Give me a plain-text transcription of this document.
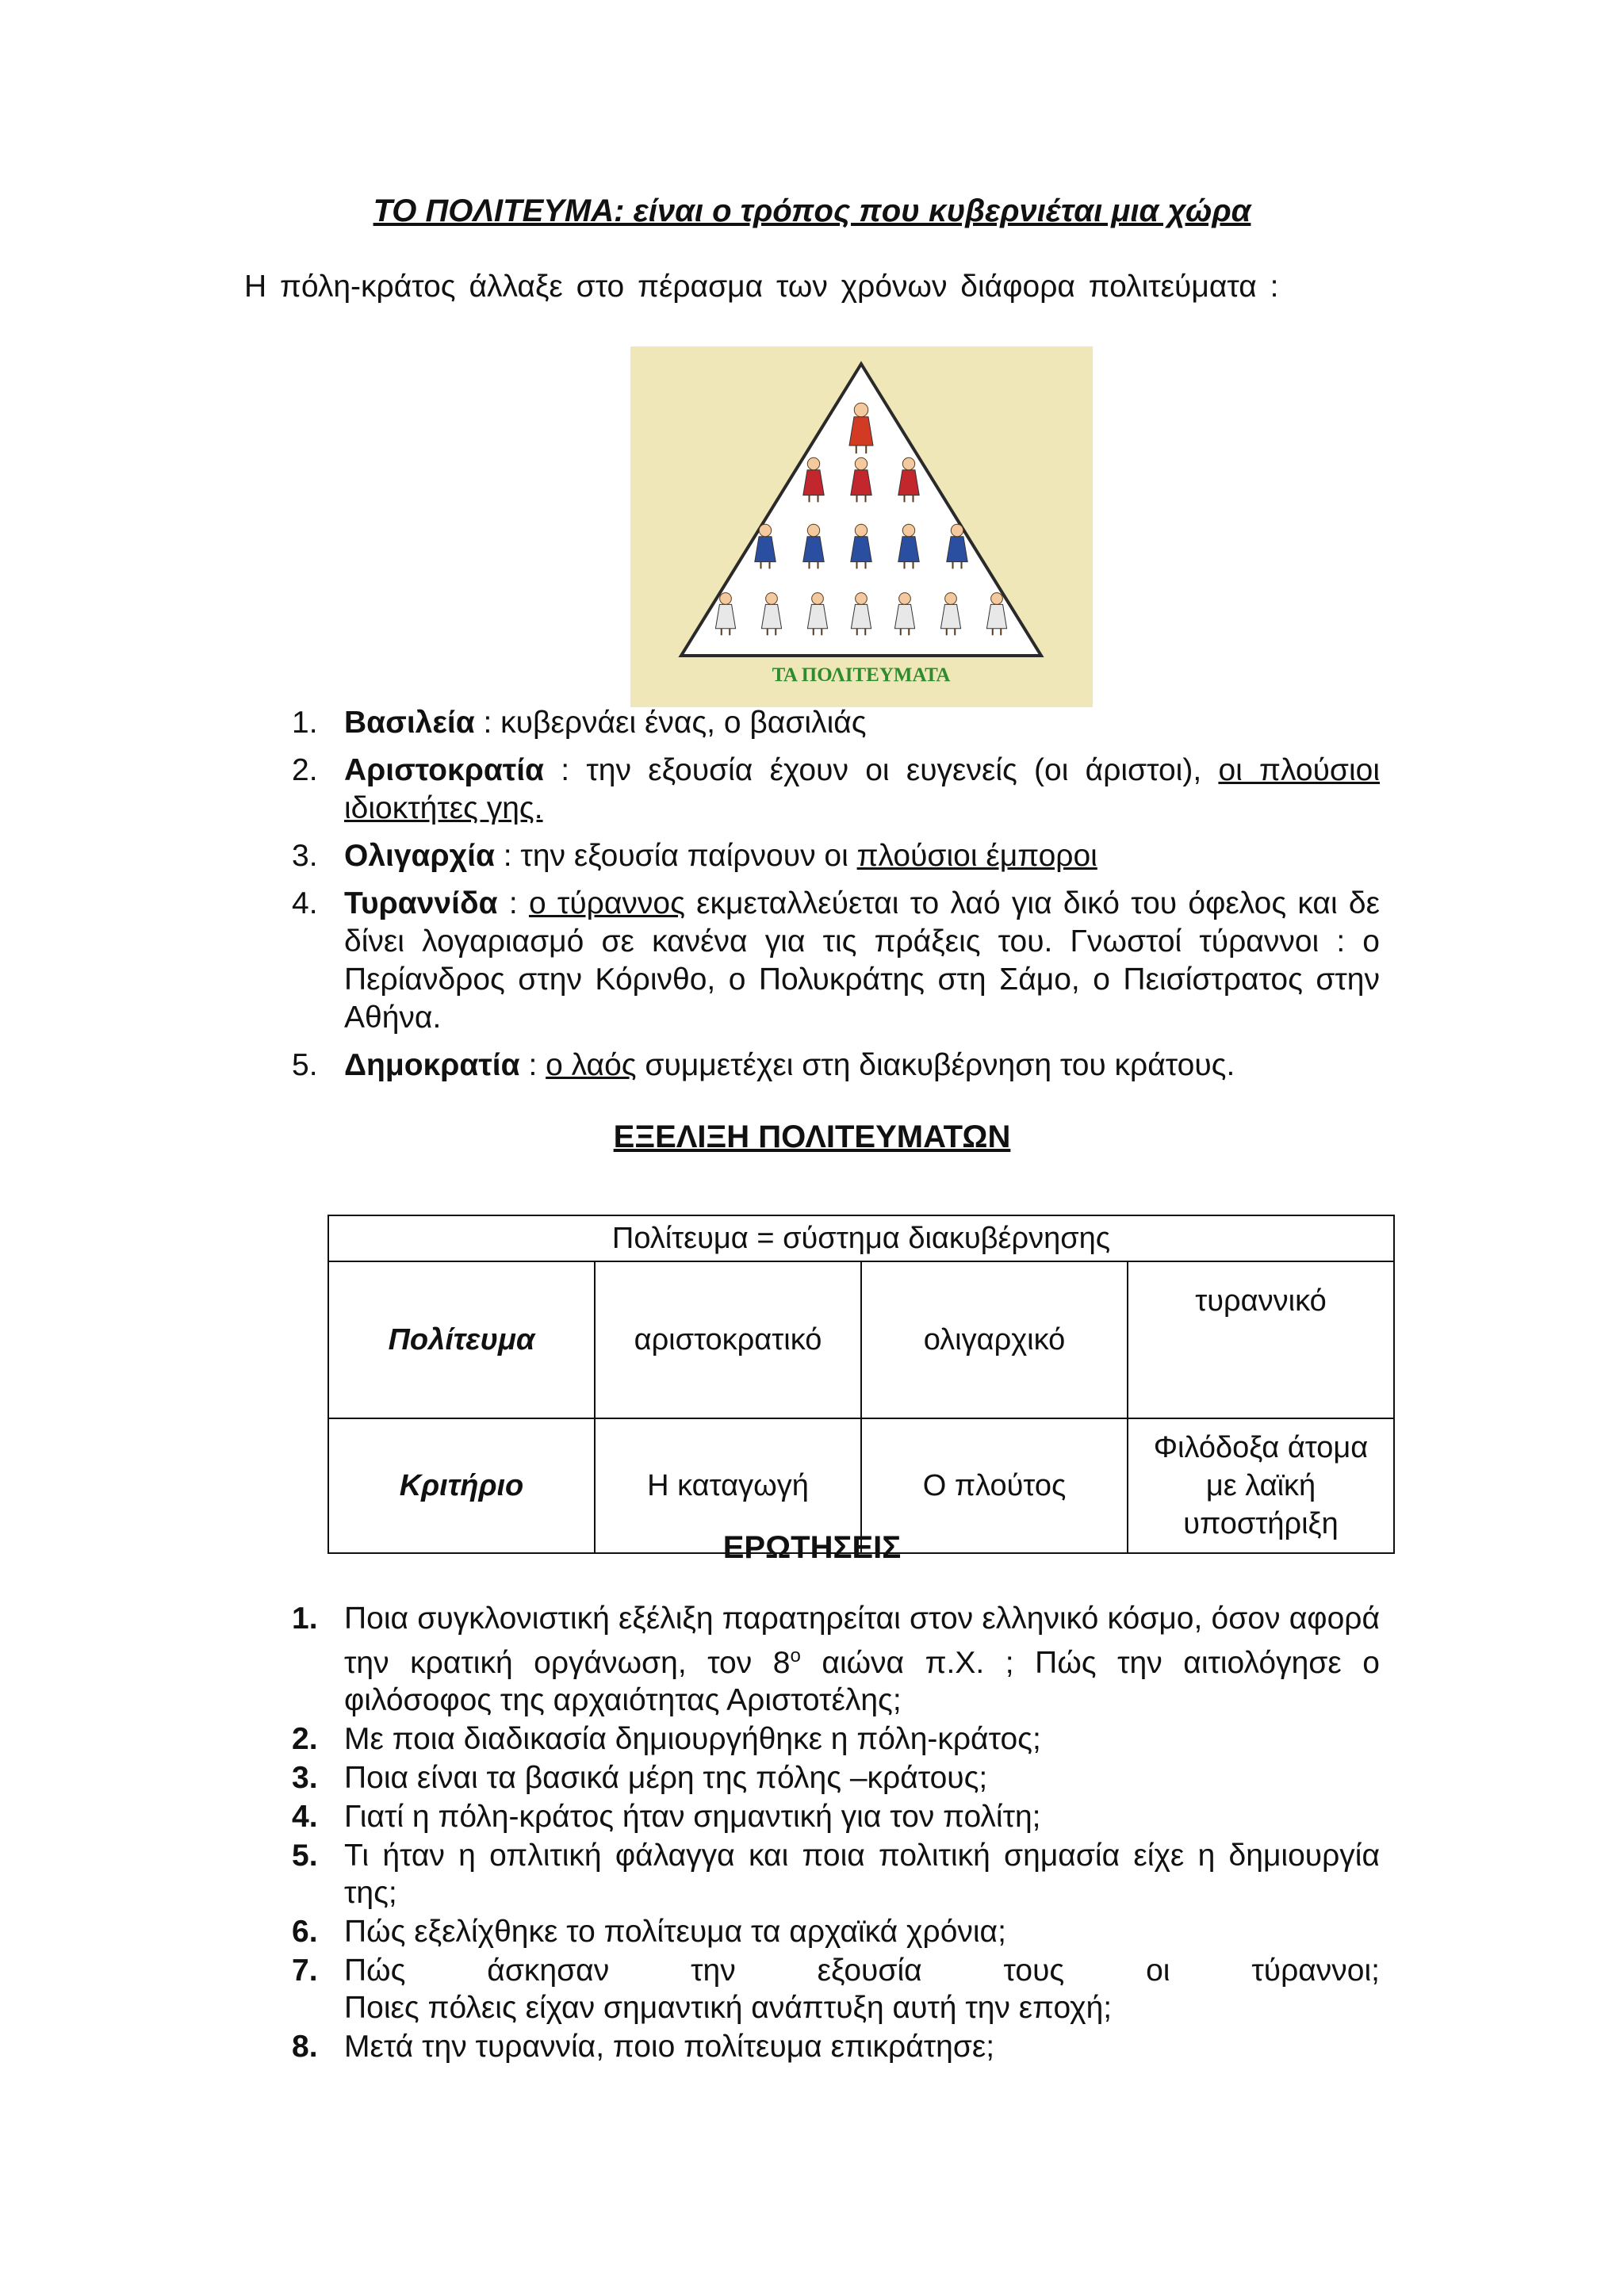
ΤΟ ΠΟΛΙΤΕΥΜΑ: είναι ο τρόπος που κυβερνιέται μια χώρα
Η πόλη-κράτος άλλαξε στο πέρασμα των χρόνων διάφορα πολιτεύματα :
ΤΑ ΠΟΛΙΤΕΥΜΑΤΑ
1. Βασιλεία : κυβερνάει ένας, ο βασιλιάς
2. Αριστοκρατία : την εξουσία έχουν οι ευγενείς (οι άριστοι), οι πλούσιοι ιδιοκτήτες γης.
3. Ολιγαρχία : την εξουσία παίρνουν οι πλούσιοι έμποροι
4. Τυραννίδα : ο τύραννος εκμεταλλεύεται το λαό για δικό του όφελος και δε δίνει λογαριασμό σε κανένα για τις πράξεις του. Γνωστοί τύραννοι : ο Περίανδρος στην Κόρινθο, ο Πολυκράτης στη Σάμο, ο Πεισίστρατος στην Αθήνα.
5. Δημοκρατία : ο λαός συμμετέχει στη διακυβέρνηση του κράτους.
ΕΞΕΛΙΞΗ ΠΟΛΙΤΕΥΜΑΤΩΝ
Πολίτευμα = σύστημα διακυβέρνησης			
Πολίτευμα	αριστοκρατικό	ολιγαρχικό	τυραννικό
Κριτήριο	Η καταγωγή	Ο πλούτος	Φιλόδοξα άτομα με λαϊκή υποστήριξη
ΕΡΩΤΗΣΕΙΣ
1. Ποια συγκλονιστική εξέλιξη παρατηρείται στον ελληνικό κόσμο, όσον αφορά την κρατική οργάνωση, τον $8^o$ αιώνα π.Χ. ; Πώς την αιτιολόγησε ο φιλόσοφος της αρχαιότητας Αριστοτέλης;
2. Με ποια διαδικασία δημιουργήθηκε η πόλη-κράτος;
3. Ποια είναι τα βασικά μέρη της πόλης –κράτους;
4. Γιατί η πόλη-κράτος ήταν σημαντική για τον πολίτη;
5. Τι ήταν η οπλιτική φάλαγγα και ποια πολιτική σημασία είχε η δημιουργία της;
6. Πώς εξελίχθηκε το πολίτευμα τα αρχαϊκά χρόνια;
7. Πώς άσκησαν την εξουσία τους οι τύραννοι;
Ποιες πόλεις είχαν σημαντική ανάπτυξη αυτή την εποχή;
8. Μετά την τυραννία, ποιο πολίτευμα επικράτησε;
